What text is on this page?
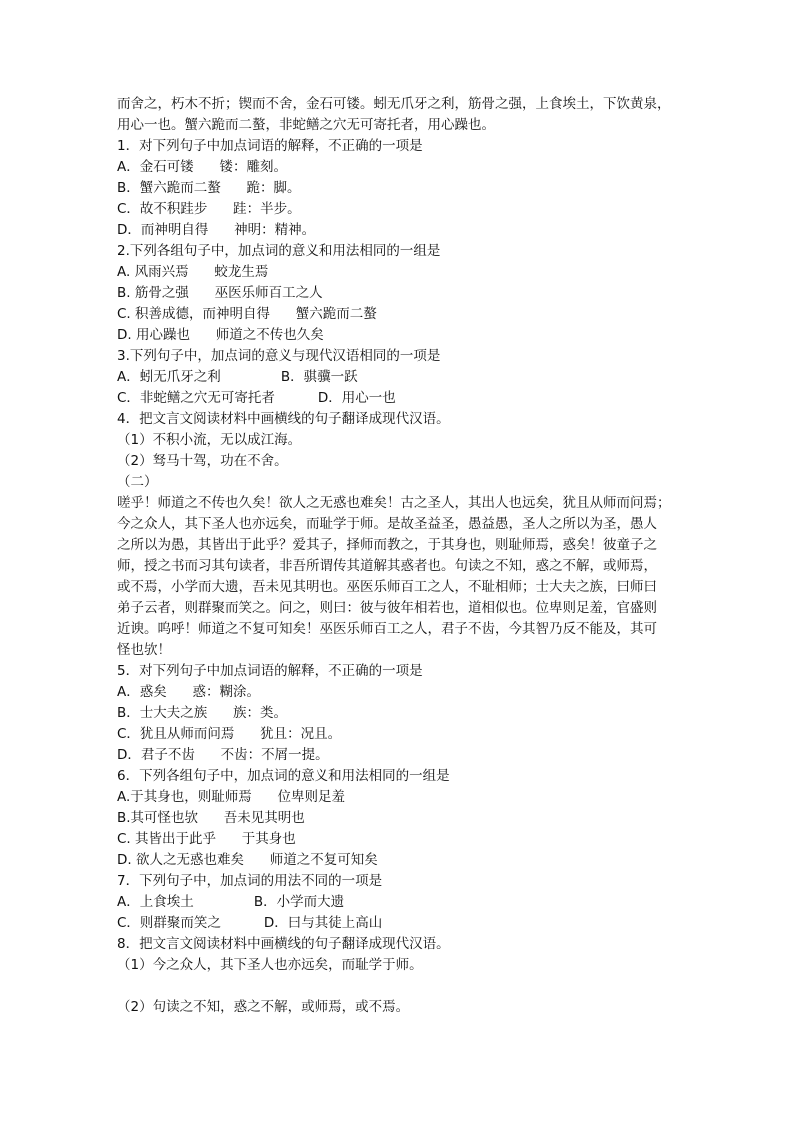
而舍之，朽木不折；锲而不舍，金石可镂。蚓无爪牙之利，筋骨之强，上食埃土，下饮黄泉，
用心一也。蟹六跪而二螯，非蛇鳝之穴无可寄托者，用心躁也。
1．对下列句子中加点词语的解释，不正确的一项是
A．金石可镂      镂：雕刻。
B．蟹六跪而二螯      跪：脚。
C．故不积跬步      跬：半步。
D．而神明自得      神明：精神。
2.下列各组句子中，加点词的意义和用法相同的一组是
A. 风雨兴焉      蛟龙生焉
B. 筋骨之强      巫医乐师百工之人
C. 积善成德，而神明自得      蟹六跪而二螯
D. 用心躁也      师道之不传也久矣
3.下列句子中，加点词的意义与现代汉语相同的一项是
A．蚓无爪牙之利              B．骐骥一跃
C．非蛇鳝之穴无可寄托者          D．用心一也
4．把文言文阅读材料中画横线的句子翻译成现代汉语。
（1）不积小流，无以成江海。
（2）驽马十驾，功在不舍。
（二）
嗟乎！师道之不传也久矣！欲人之无惑也难矣！古之圣人，其出人也远矣，犹且从师而问焉；
今之众人，其下圣人也亦远矣，而耻学于师。是故圣益圣，愚益愚，圣人之所以为圣，愚人
之所以为愚，其皆出于此乎？爱其子，择师而教之，于其身也，则耻师焉，惑矣！彼童子之
师，授之书而习其句读者，非吾所谓传其道解其惑者也。句读之不知，惑之不解，或师焉，
或不焉，小学而大遗，吾未见其明也。巫医乐师百工之人，不耻相师；士大夫之族，曰师曰
弟子云者，则群聚而笑之。问之，则曰：彼与彼年相若也，道相似也。位卑则足羞，官盛则
近谀。呜呼！师道之不复可知矣！巫医乐师百工之人，君子不齿，今其智乃反不能及，其可
怪也欤！
5．对下列句子中加点词语的解释，不正确的一项是
A．惑矣      惑：糊涂。
B．士大夫之族      族：类。
C．犹且从师而问焉      犹且：况且。
D．君子不齿      不齿：不屑一提。
6．下列各组句子中，加点词的意义和用法相同的一组是
A.于其身也，则耻师焉      位卑则足羞
B.其可怪也欤      吾未见其明也
C. 其皆出于此乎      于其身也
D. 欲人之无惑也难矣      师道之不复可知矣
7．下列句子中，加点词的用法不同的一项是
A．上食埃土              B．小学而大遗
C．则群聚而笑之          D．曰与其徒上高山
8．把文言文阅读材料中画横线的句子翻译成现代汉语。
（1）今之众人，其下圣人也亦远矣，而耻学于师。
（2）句读之不知，惑之不解，或师焉，或不焉。
